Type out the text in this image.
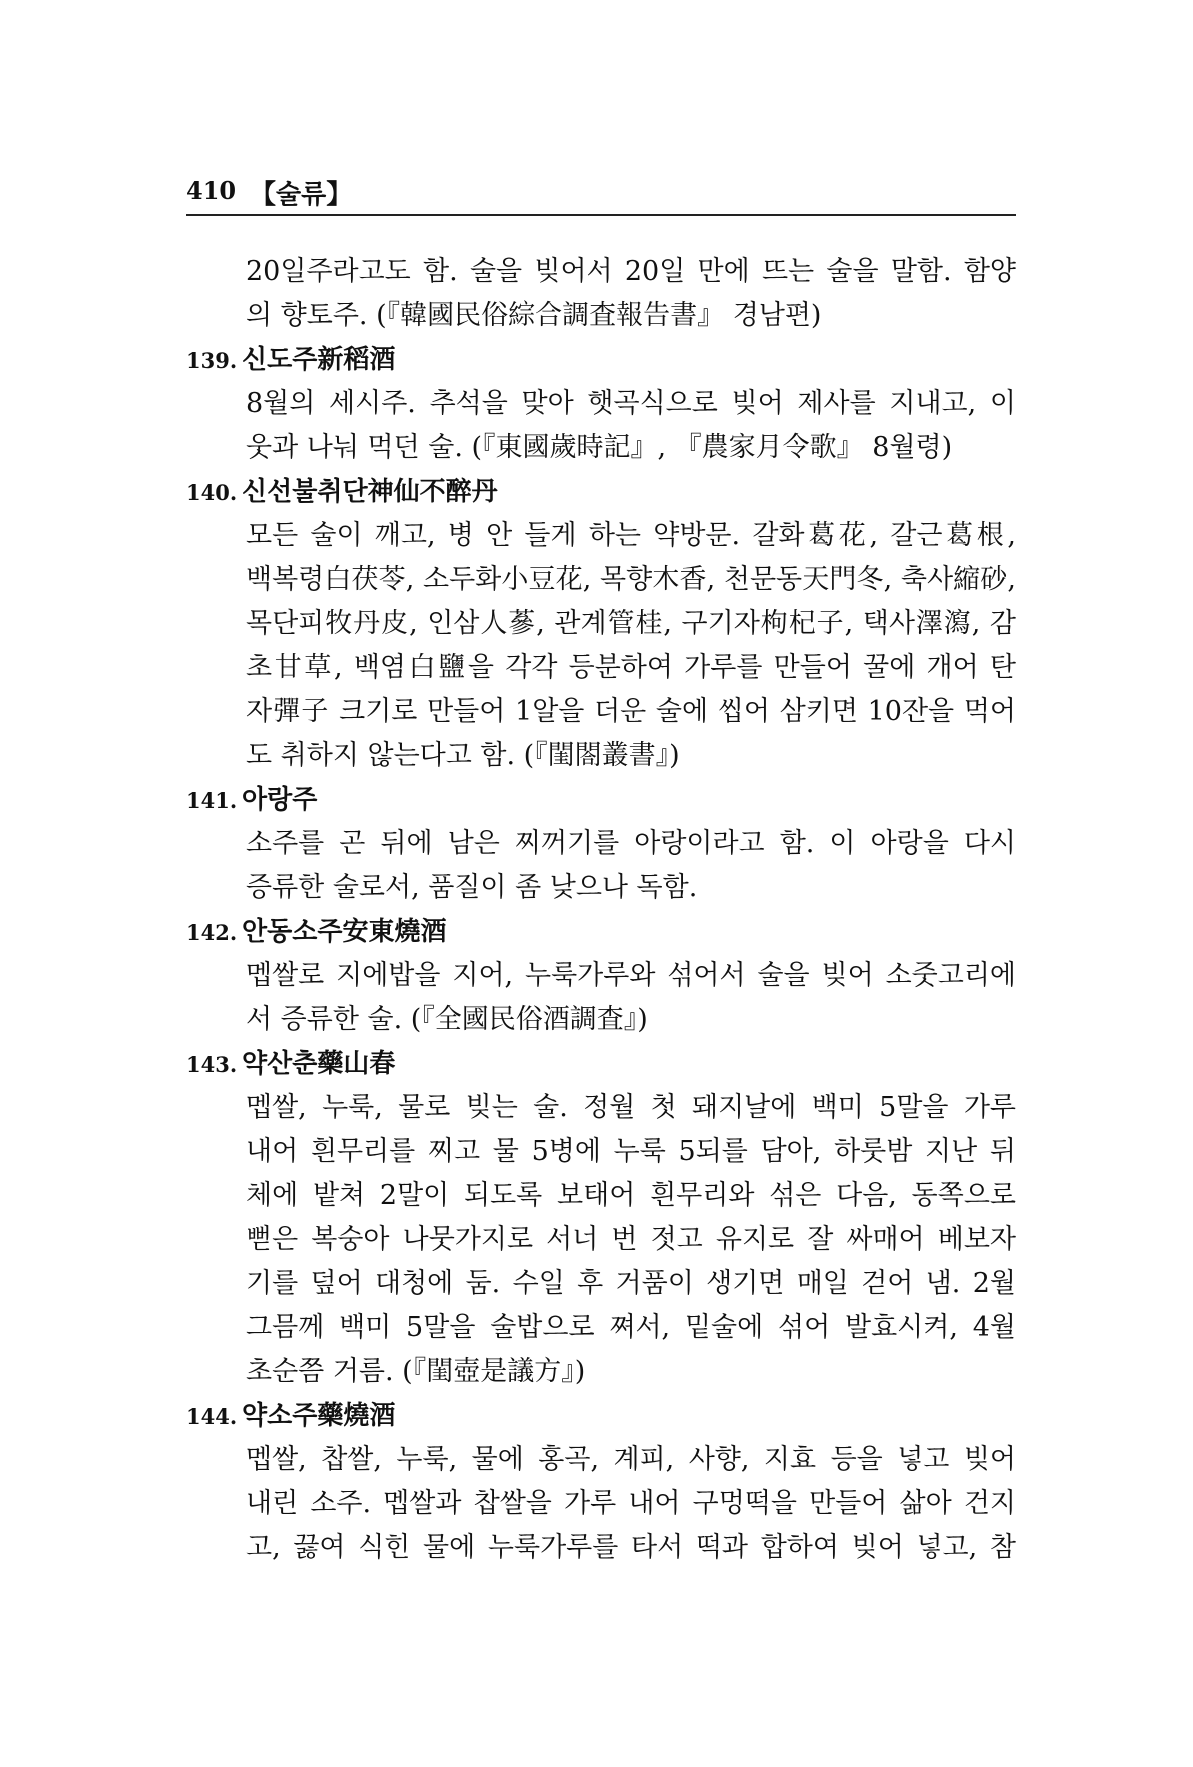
410 【술류】
20일주라고도 함. 술을 빚어서 20일 만에 뜨는 술을 말함. 함양
의 향토주. (『韓國民俗綜合調査報告書』 경남편)
139. 신도주新稻酒
8월의 세시주. 추석을 맞아 햇곡식으로 빚어 제사를 지내고, 이
웃과 나눠 먹던 술. (『東國歲時記』, 『農家月令歌』 8월령)
140. 신선불취단神仙不醉丹
모든 술이 깨고, 병 안 들게 하는 약방문. 갈화葛花, 갈근葛根,
백복령白茯苓, 소두화小豆花, 목향木香, 천문동天門冬, 축사縮砂,
목단피牧丹皮, 인삼人蔘, 관계管桂, 구기자枸杞子, 택사澤瀉, 감
초甘草, 백염白鹽을 각각 등분하여 가루를 만들어 꿀에 개어 탄
자彈子 크기로 만들어 1알을 더운 술에 씹어 삼키면 10잔을 먹어
도 취하지 않는다고 함. (『閨閤叢書』)
141. 아랑주
소주를 곤 뒤에 남은 찌꺼기를 아랑이라고 함. 이 아랑을 다시
증류한 술로서, 품질이 좀 낮으나 독함.
142. 안동소주安東燒酒
멥쌀로 지에밥을 지어, 누룩가루와 섞어서 술을 빚어 소줏고리에
서 증류한 술. (『全國民俗酒調査』)
143. 약산춘藥山春
멥쌀, 누룩, 물로 빚는 술. 정월 첫 돼지날에 백미 5말을 가루
내어 흰무리를 찌고 물 5병에 누룩 5되를 담아, 하룻밤 지난 뒤
체에 밭쳐 2말이 되도록 보태어 흰무리와 섞은 다음, 동쪽으로
뻗은 복숭아 나뭇가지로 서너 번 젓고 유지로 잘 싸매어 베보자
기를 덮어 대청에 둠. 수일 후 거품이 생기면 매일 걷어 냄. 2월
그믐께 백미 5말을 술밥으로 쪄서, 밑술에 섞어 발효시켜, 4월
초순쯤 거름. (『閨壺是議方』)
144. 약소주藥燒酒
멥쌀, 찹쌀, 누룩, 물에 홍곡, 계피, 사향, 지효 등을 넣고 빚어
내린 소주. 멥쌀과 찹쌀을 가루 내어 구멍떡을 만들어 삶아 건지
고, 끓여 식힌 물에 누룩가루를 타서 떡과 합하여 빚어 넣고, 참
